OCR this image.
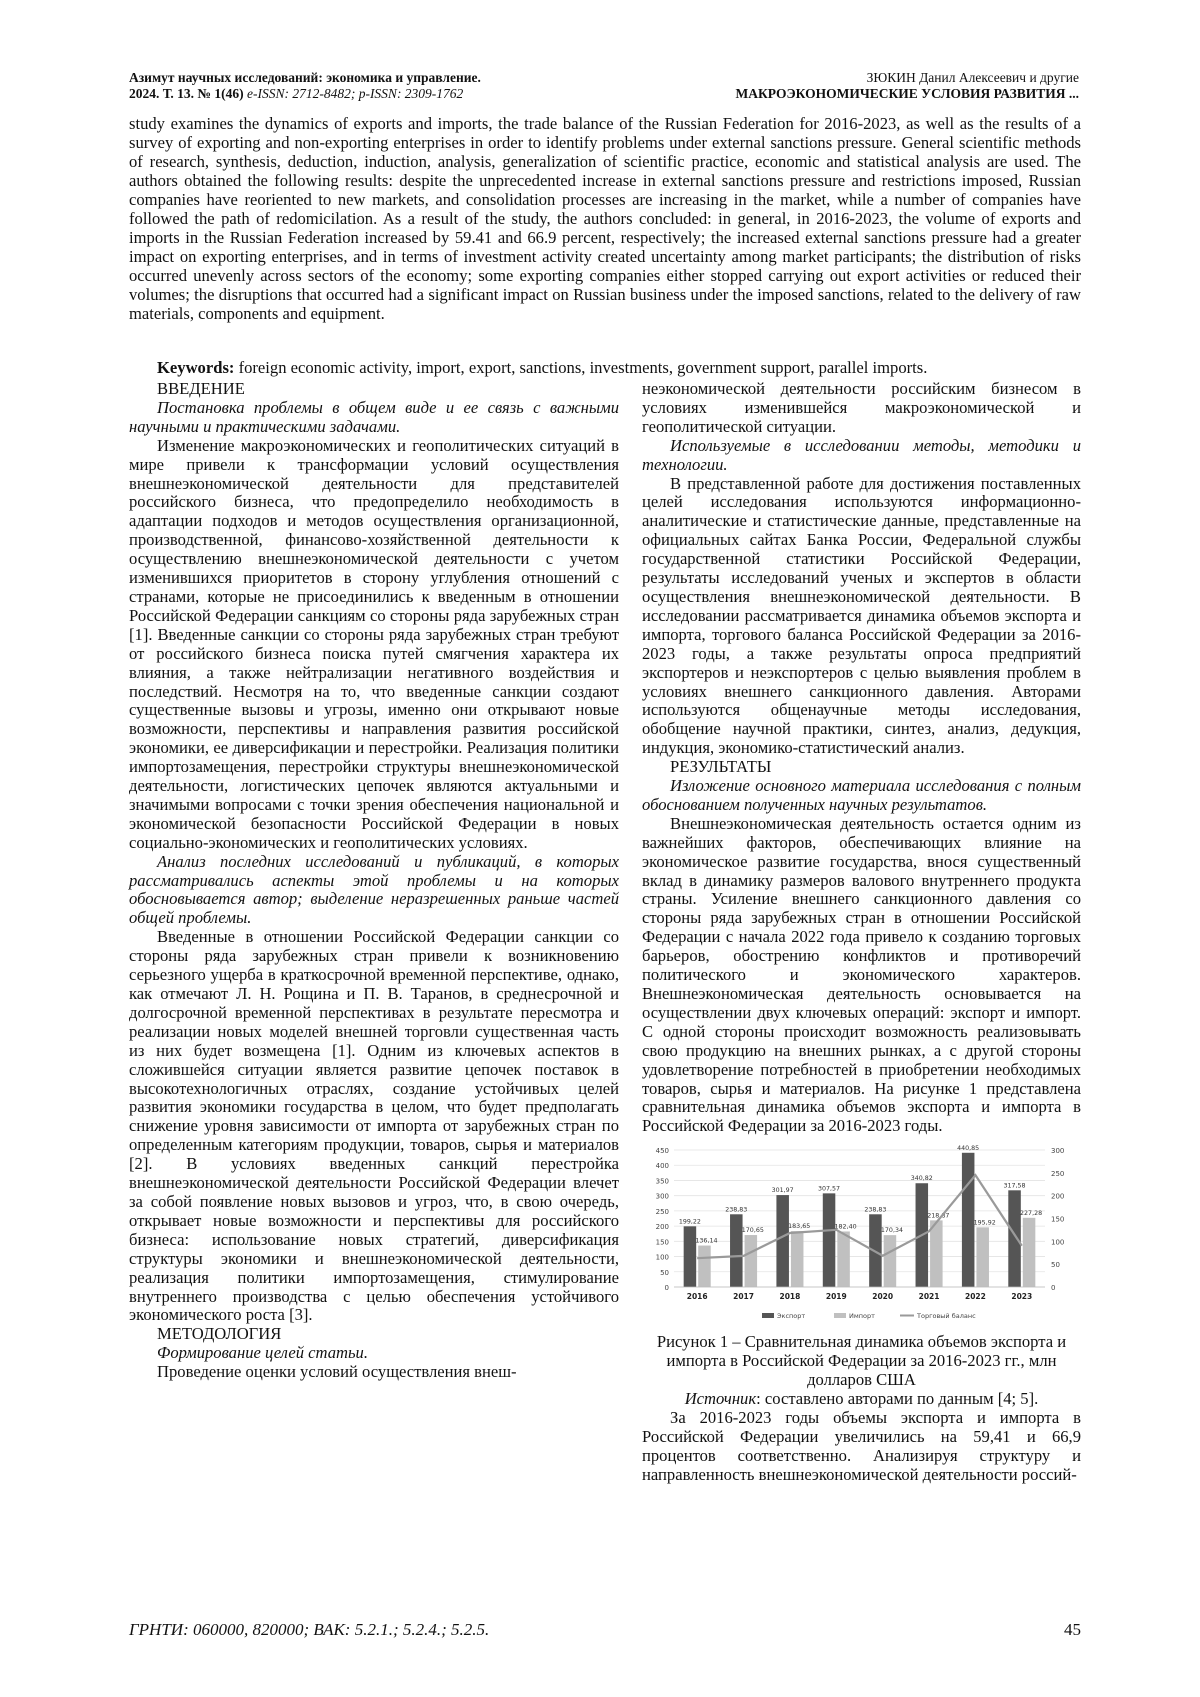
Азимут научных исследований: экономика и управление.
2024. Т. 13. № 1(46) e-ISSN: 2712-8482; p-ISSN: 2309-1762
ЗЮКИН Данил Алексеевич и другие
МАКРОЭКОНОМИЧЕСКИЕ УСЛОВИЯ РАЗВИТИЯ ...

study examines the dynamics of exports and imports, the trade balance of the Russian Federation for 2016-2023, as well as the results of a survey of exporting and non-exporting enterprises in order to identify problems under external sanctions pressure. General scientific methods of research, synthesis, deduction, induction, analysis, generalization of scientific practice, economic and statistical analysis are used. The authors obtained the following results: despite the unprecedented increase in external sanctions pressure and restrictions imposed, Russian companies have reoriented to new markets, and consolidation processes are increasing in the market, while a number of companies have followed the path of redomicilation. As a result of the study, the authors concluded: in general, in 2016-2023, the volume of exports and imports in the Russian Federation increased by 59.41 and 66.9 percent, respectively; the increased external sanctions pressure had a greater impact on exporting enterprises, and in terms of investment activity created uncertainty among market participants; the distribution of risks occurred unevenly across sectors of the economy; some exporting companies either stopped carrying out export activities or reduced their volumes; the disruptions that occurred had a significant impact on Russian business under the imposed sanctions, related to the delivery of raw materials, components and equipment.

Keywords: foreign economic activity, import, export, sanctions, investments, government support, parallel imports.

ВВЕДЕНИЕ

Постановка проблемы в общем виде и ее связь с важными научными и практическими задачами.

Изменение макроэкономических и геополитических ситуаций в мире привели к трансформации условий осуществления внешнеэкономической деятельности для представителей российского бизнеса, что предопределило необходимость в адаптации подходов и методов осуществления организационной, производственной, финансово-хозяйственной деятельности к осуществлению внешнеэкономической деятельности с учетом изменившихся приоритетов в сторону углубления отношений с странами, которые не присоединились к введенным в отношении Российской Федерации санкциям со стороны ряда зарубежных стран [1]. Введенные санкции со стороны ряда зарубежных стран требуют от российского бизнеса поиска путей смягчения характера их влияния, а также нейтрализации негативного воздействия и последствий. Несмотря на то, что введенные санкции создают существенные вызовы и угрозы, именно они открывают новые возможности, перспективы и направления развития российской экономики, ее диверсификации и перестройки. Реализация политики импортозамещения, перестройки структуры внешнеэкономической деятельности, логистических цепочек являются актуальными и значимыми вопросами с точки зрения обеспечения национальной и экономической безопасности Российской Федерации в новых социально-экономических и геополитических условиях.

Анализ последних исследований и публикаций, в которых рассматривались аспекты этой проблемы и на которых обосновывается автор; выделение неразрешенных раньше частей общей проблемы.

Введенные в отношении Российской Федерации санкции со стороны ряда зарубежных стран привели к возникновению серьезного ущерба в краткосрочной временной перспективе, однако, как отмечают Л. Н. Рощина и П. В. Таранов, в среднесрочной и долгосрочной временной перспективах в результате пересмотра и реализации новых моделей внешней торговли существенная часть из них будет возмещена [1]. Одним из ключевых аспектов в сложившейся ситуации является развитие цепочек поставок в высокотехнологичных отраслях, создание устойчивых целей развития экономики государства в целом, что будет предполагать снижение уровня зависимости от импорта от зарубежных стран по определенным категориям продукции, товаров, сырья и материалов [2]. В условиях введенных санкций перестройка внешнеэкономической деятельности Российской Федерации влечет за собой появление новых вызовов и угроз, что, в свою очередь, открывает новые возможности и перспективы для российского бизнеса: использование новых стратегий, диверсификация структуры экономики и внешнеэкономической деятельности, реализация политики импортозамещения, стимулирование внутреннего производства с целью обеспечения устойчивого экономического роста [3].

МЕТОДОЛОГИЯ

Формирование целей статьи.

Проведение оценки условий осуществления внеш-

неэкономической деятельности российским бизнесом в условиях изменившейся макроэкономической и геополитической ситуации.

Используемые в исследовании методы, методики и технологии.

В представленной работе для достижения поставленных целей исследования используются информационно-аналитические и статистические данные, представленные на официальных сайтах Банка России, Федеральной службы государственной статистики Российской Федерации, результаты исследований ученых и экспертов в области осуществления внешнеэкономической деятельности. В исследовании рассматривается динамика объемов экспорта и импорта, торгового баланса Российской Федерации за 2016-2023 годы, а также результаты опроса предприятий экспортеров и неэкспортеров с целью выявления проблем в условиях внешнего санкционного давления. Авторами используются общенаучные методы исследования, обобщение научной практики, синтез, анализ, дедукция, индукция, экономико-статистический анализ.

РЕЗУЛЬТАТЫ

Изложение основного материала исследования с полным обоснованием полученных научных результатов.

Внешнеэкономическая деятельность остается одним из важнейших факторов, обеспечивающих влияние на экономическое развитие государства, внося существенный вклад в динамику размеров валового внутреннего продукта страны. Усиление внешнего санкционного давления со стороны ряда зарубежных стран в отношении Российской Федерации с начала 2022 года привело к созданию торговых барьеров, обострению конфликтов и противоречий политического и экономического характеров. Внешнеэкономическая деятельность основывается на осуществлении двух ключевых операций: экспорт и импорт. С одной стороны происходит возможность реализовывать свою продукцию на внешних рынках, а с другой стороны удовлетворение потребностей в приобретении необходимых товаров, сырья и материалов. На рисунке 1 представлена сравнительная динамика объемов экспорта и импорта в Российской Федерации за 2016-2023 годы.

0
50
100
150
200
250
300
350
400
450
0
50
100
150
200
250
300
199,22
136,14
2016
238,83
170,65
2017
301,97
183,65
2018
307,57
182,40
2019
238,83
170,34
2020
340,82
218,87
2021
440,85
195,92
2022
317,58
227,28
2023
Экспорт	Импорт	Торговый баланс

Рисунок 1 – Сравнительная динамика объемов экспорта и импорта в Российской Федерации за 2016-2023 гг., млн долларов США

Источник: составлено авторами по данным [4; 5].

За 2016-2023 годы объемы экспорта и импорта в Российской Федерации увеличились на 59,41 и 66,9 процентов соответственно. Анализируя структуру и направленность внешнеэкономической деятельности россий-

ГРНТИ: 060000, 820000; ВАК: 5.2.1.; 5.2.4.; 5.2.5.	45
